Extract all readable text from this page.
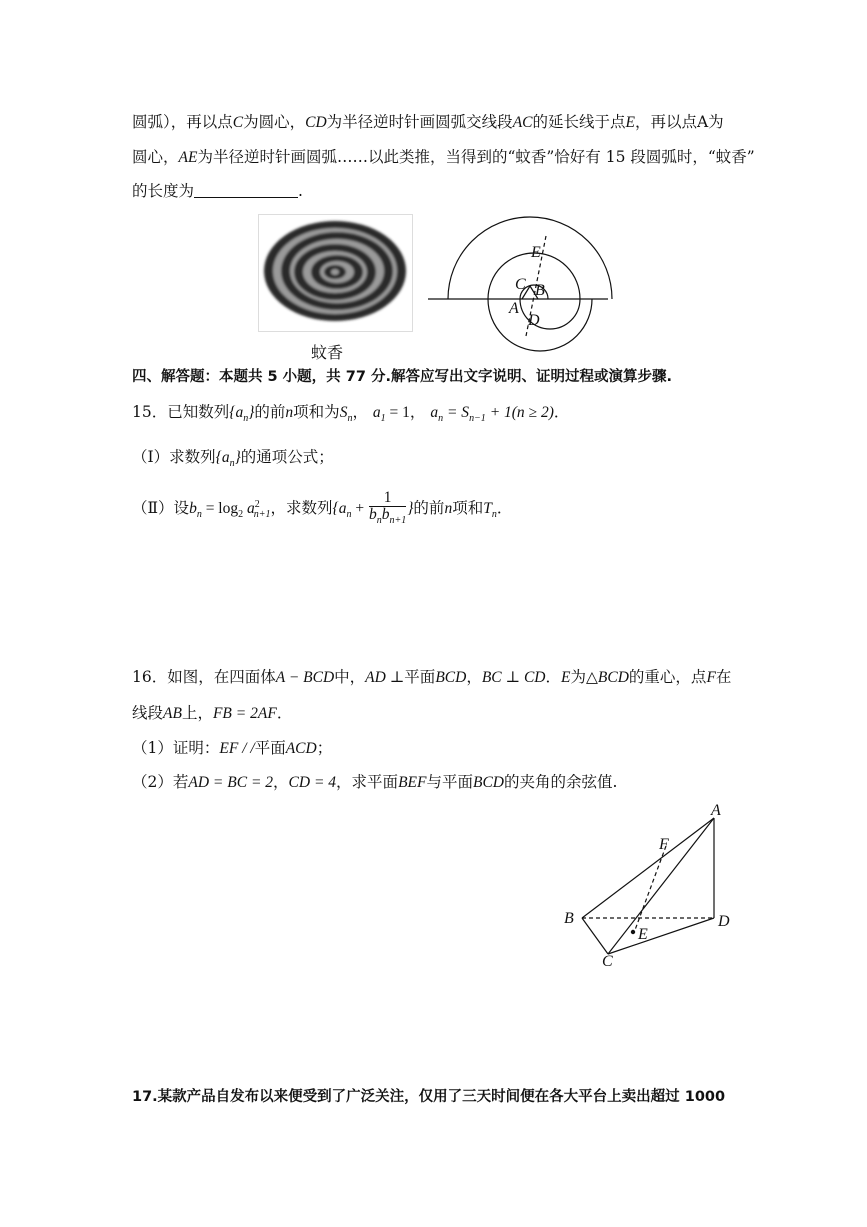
圆弧），再以点C为圆心，CD为半径逆时针画圆弧交线段AC的延长线于点E，再以点A为
圆心，AE为半径逆时针画圆弧……以此类推，当得到的“蚊香”恰好有 15 段圆弧时，“蚊香”
的长度为	.
蚊香
E
C B
A
D
四、解答题：本题共 5 小题，共 77 分.解答应写出文字说明、证明过程或演算步骤.
15．已知数列$\{a_n\}$的前n项和为$S_n$， $a_1 = 1$， $a_n = S_{n-1} + 1(n \ge 2)$．
（Ⅰ）求数列$\{a_n\}$的通项公式；
（Ⅱ）设$b_n = \log_2 a^2_{n+1}$，求数列{$a_n + \frac{1}{b_nb_{n+1}}$ }的前n项和$T_n$．
16．如图，在四面体A − BCD中，AD ⊥平面BCD，BC ⊥ CD．E为△BCD的重心，点F在
线段AB上，FB = 2AF．
（1）证明：EF / /平面ACD；
（2）若AD = BC = 2，CD = 4，求平面BEF与平面BCD的夹角的余弦值.
A
F
B	D
E
C
17.某款产品自发布以来便受到了广泛关注，仅用了三天时间便在各大平台上卖出超过 1000
